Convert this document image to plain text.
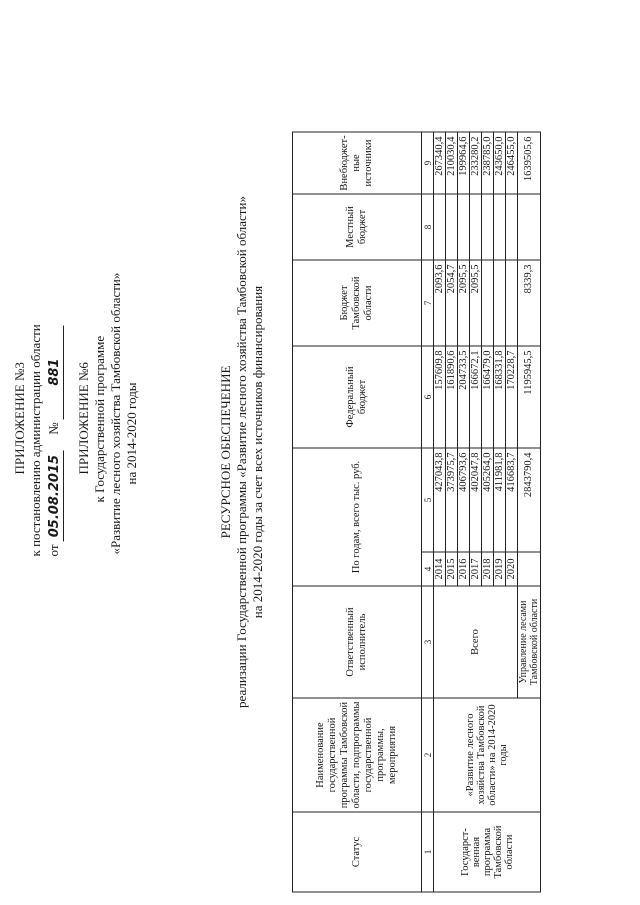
ПРИЛОЖЕНИЕ №3 к постановлению администрации области от 05.08.2015     № 881 ПРИЛОЖЕНИЕ №6 к Государственной программе «Развитие лесного хозяйства Тамбовской области» на 2014-2020 годы	РЕСУРСНОЕ ОБЕСПЕЧЕНИЕ реализации Государственной программы «Развитие лесного хозяйства Тамбовской области» на 2014-2020 годы за счет всех источников финансирования
Статус	Наименование государственной программы Тамбовской области, подпрограммы государственной программы, мероприятия	Ответственный исполнитель	По годам, всего тыс. руб.		Федеральный бюджет	Бюджет Тамбовской области	Местный бюджет	Внебюджет-ные источники
1	2	3	4	5	6	7	8	9
Государст-венная программа Тамбовской области	«Развитие лесного хозяйства Тамбовской области» на 2014-2020 годы	Всего	2014	427043,8	157609,8	2093,6		267340,4
			2015	373975,7	161890,6	2054,7		210030,4
			2016	406793,6	204733,5	2095,5		199964,6
			2017	402047,8	166672,1	2095,5		233280,2
			2018	405264,0	166479,0			238785,0
			2019	411981,8	168331,8			243650,0
			2020	416683,7	170228,7			246455,0
		Управление лесами Тамбовской области		2843790,4	1195945,5	8339,3		1639505,6
